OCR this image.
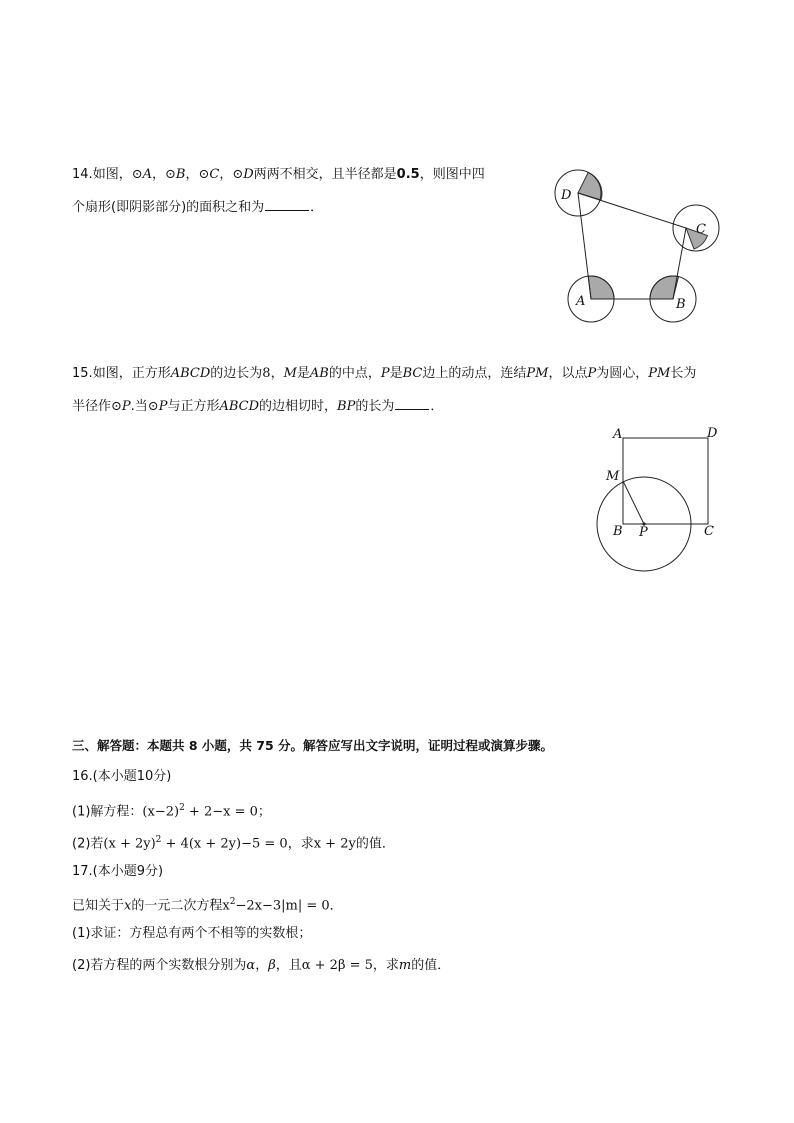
14.如图，⊙A，⊙B，⊙C，⊙D两两不相交，且半径都是0.5，则图中四
个扇形(即阴影部分)的面积之和为	．
D
C
A	B
15.如图，正方形ABCD的边长为8，M是AB的中点，P是BC边上的动点，连结PM，以点P为圆心，PM长为
半径作⊙P.当⊙P与正方形ABCD的边相切时，BP的长为	．
A	D
M
B P	C
三、解答题：本题共 8 小题，共 75 分。解答应写出文字说明，证明过程或演算步骤。
16.(本小题10分)
(1)解方程：$(x-2)^2 + 2-x = 0$；
(2)若$(x + 2y)^2 + 4(x + 2y)-5 = 0$，求x + 2y的值．
17.(本小题9分)
已知关于x的一元二次方程$x^2-2x-3|m| = 0$．
(1)求证：方程总有两个不相等的实数根；
(2)若方程的两个实数根分别为α，β，且α + 2β = 5，求m的值．
